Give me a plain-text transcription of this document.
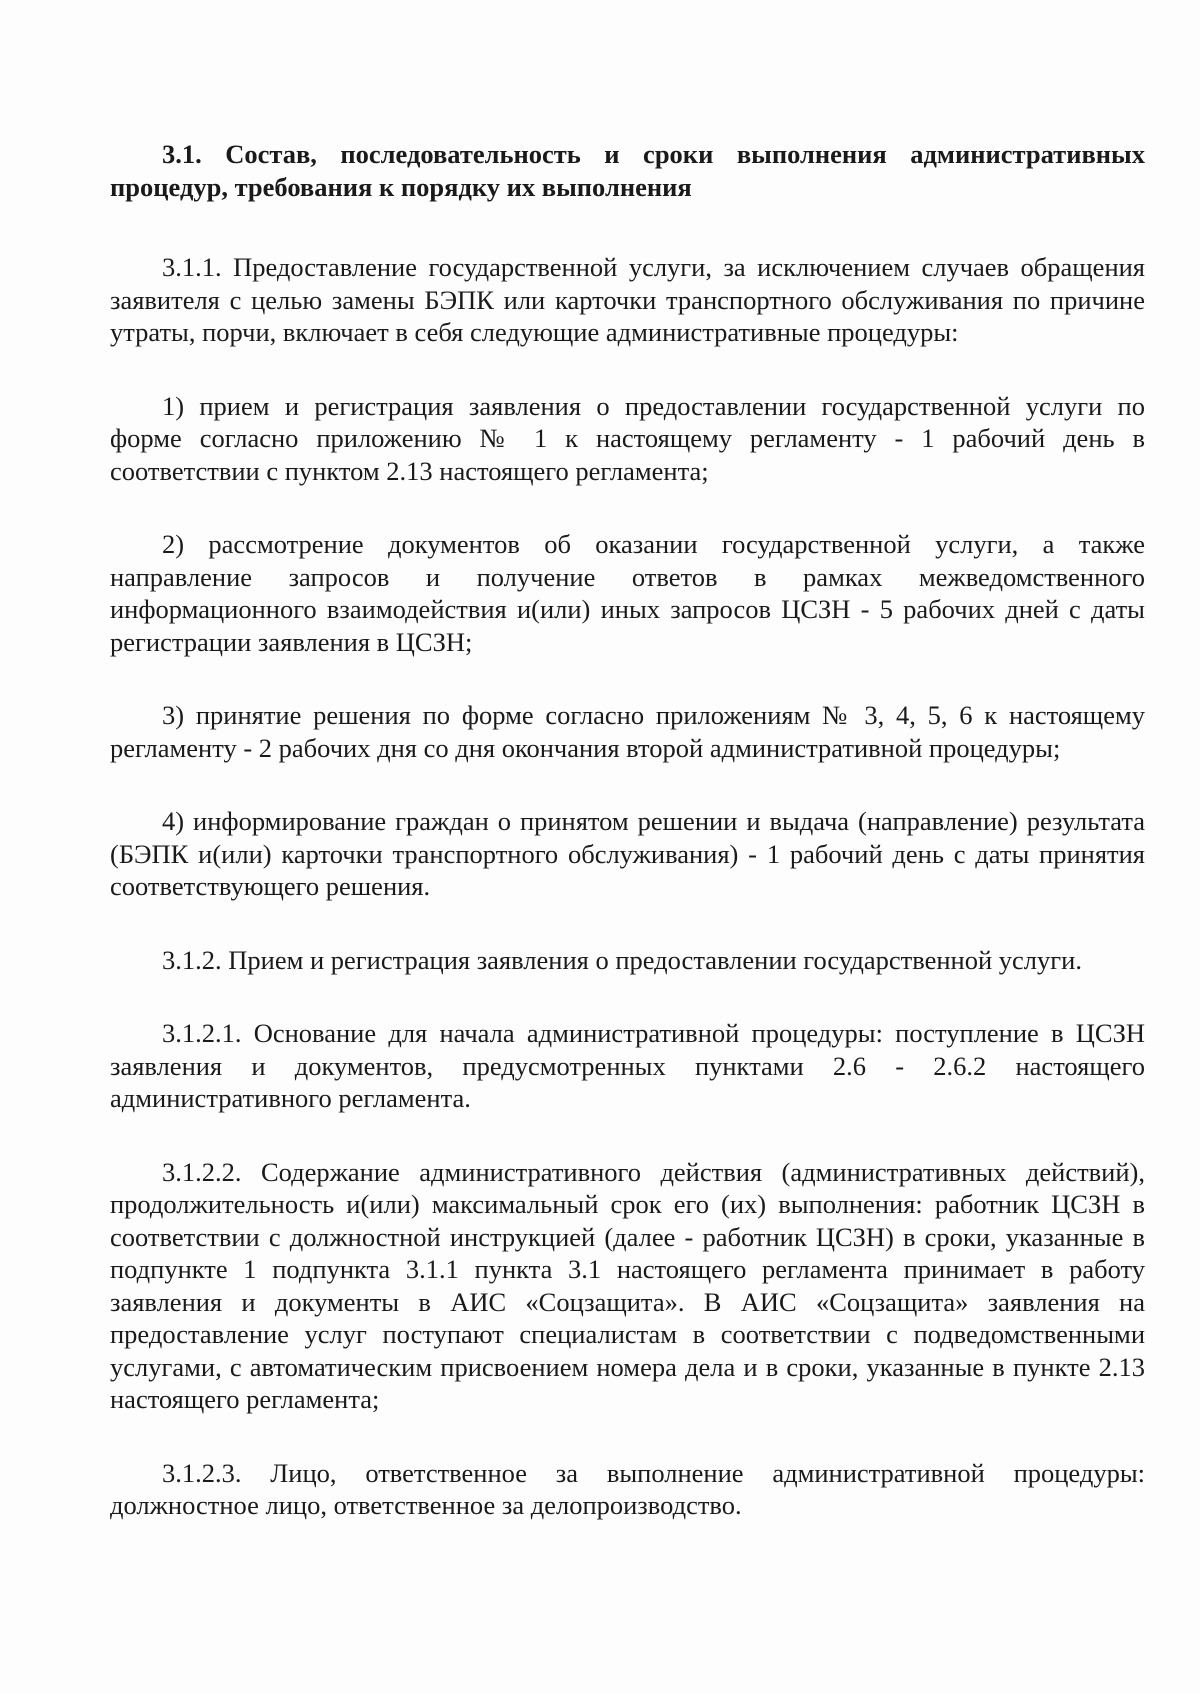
3.1. Состав, последовательность и сроки выполнения административных процедур, требования к порядку их выполнения

3.1.1. Предоставление государственной услуги, за исключением случаев обращения заявителя с целью замены БЭПК или карточки транспортного обслуживания по причине утраты, порчи, включает в себя следующие административные процедуры:

1) прием и регистрация заявления о предоставлении государственной услуги по форме согласно приложению № 1 к настоящему регламенту - 1 рабочий день в соответствии с пунктом 2.13 настоящего регламента;

2) рассмотрение документов об оказании государственной услуги, а также направление запросов и получение ответов в рамках межведомственного информационного взаимодействия и(или) иных запросов ЦСЗН - 5 рабочих дней с даты регистрации заявления в ЦСЗН;

3) принятие решения по форме согласно приложениям № 3, 4, 5, 6 к настоящему регламенту - 2 рабочих дня со дня окончания второй административной процедуры;

4) информирование граждан о принятом решении и выдача (направление) результата (БЭПК и(или) карточки транспортного обслуживания) - 1 рабочий день с даты принятия соответствующего решения.

3.1.2. Прием и регистрация заявления о предоставлении государственной услуги.

3.1.2.1. Основание для начала административной процедуры: поступление в ЦСЗН заявления и документов, предусмотренных пунктами 2.6 - 2.6.2 настоящего административного регламента.

3.1.2.2. Содержание административного действия (административных действий), продолжительность и(или) максимальный срок его (их) выполнения: работник ЦСЗН в соответствии с должностной инструкцией (далее - работник ЦСЗН) в сроки, указанные в подпункте 1 подпункта 3.1.1 пункта 3.1 настоящего регламента принимает в работу заявления и документы в АИС «Соцзащита». В АИС «Соцзащита» заявления на предоставление услуг поступают специалистам в соответствии с подведомственными услугами, с автоматическим присвоением номера дела и в сроки, указанные в пункте 2.13 настоящего регламента;

3.1.2.3. Лицо, ответственное за выполнение административной процедуры: должностное лицо, ответственное за делопроизводство.
